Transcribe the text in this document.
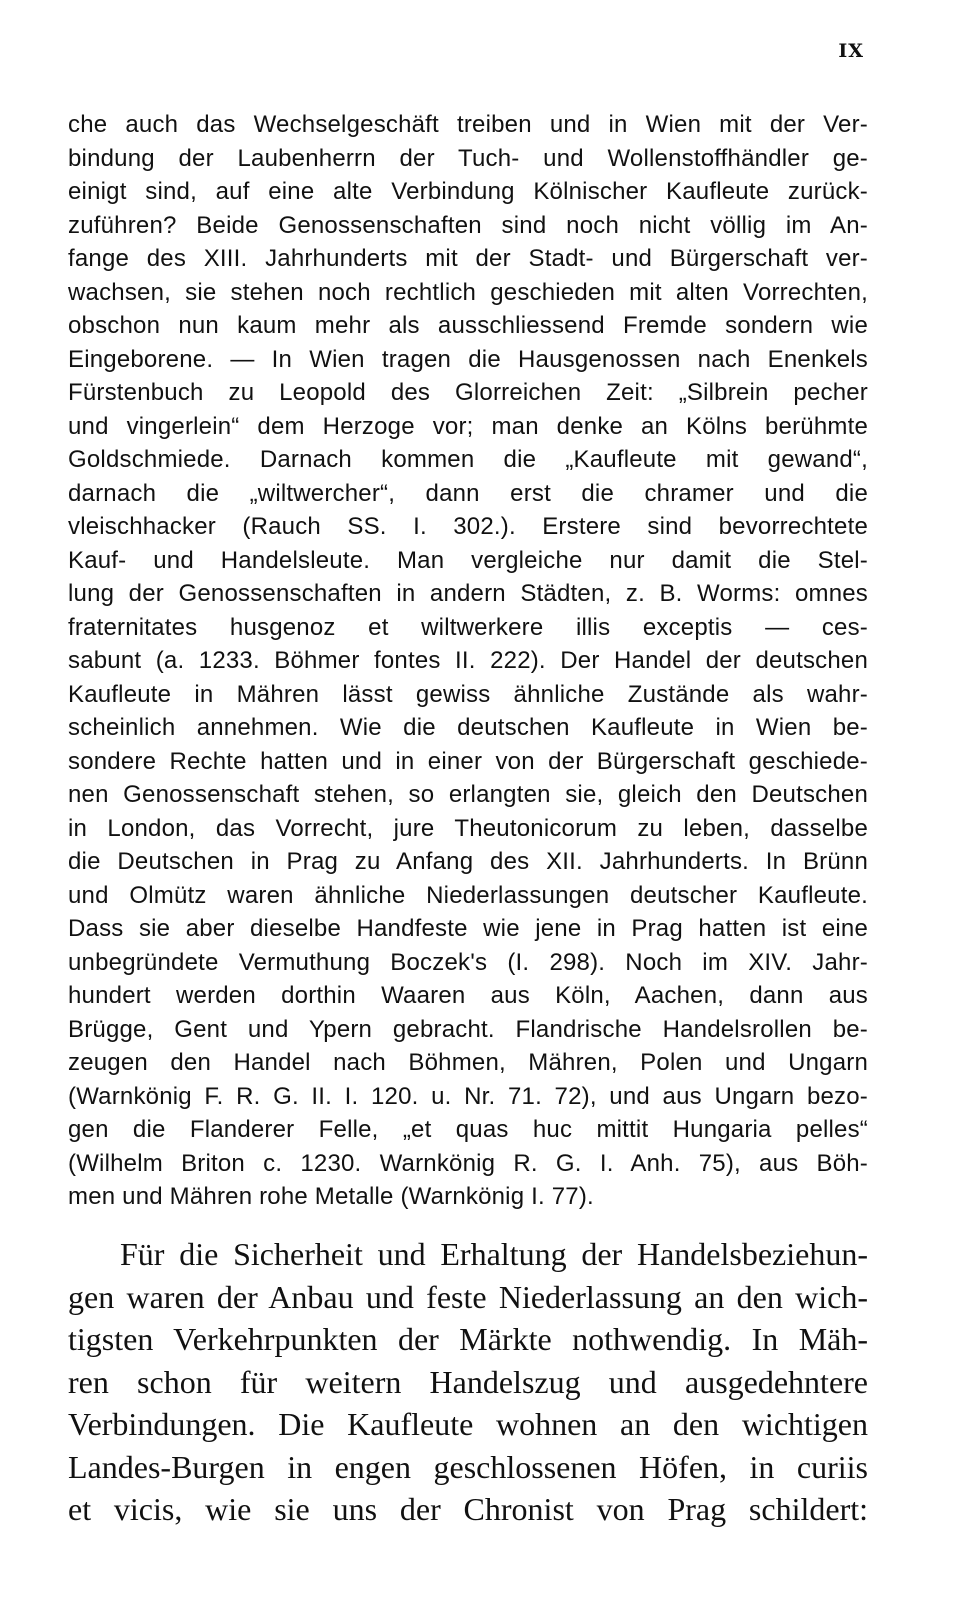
IX
che auch das Wechselgeschäft treiben und in Wien mit der Ver-
bindung der Laubenherrn der Tuch- und Wollenstoffhändler ge-
einigt sind, auf eine alte Verbindung Kölnischer Kaufleute zurück-
zuführen? Beide Genossenschaften sind noch nicht völlig im An-
fange des XIII. Jahrhunderts mit der Stadt- und Bürgerschaft ver-
wachsen, sie stehen noch rechtlich geschieden mit alten Vorrechten,
obschon nun kaum mehr als ausschliessend Fremde sondern wie
Eingeborene. — In Wien tragen die Hausgenossen nach Enenkels
Fürstenbuch zu Leopold des Glorreichen Zeit: „Silbrein pecher
und vingerlein“ dem Herzoge vor; man denke an Kölns berühmte
Goldschmiede. Darnach kommen die „Kaufleute mit gewand“,
darnach die „wiltwercher“, dann erst die chramer und die
vleischhacker (Rauch SS. I. 302.). Erstere sind bevorrechtete
Kauf- und Handelsleute. Man vergleiche nur damit die Stel-
lung der Genossenschaften in andern Städten, z. B. Worms: omnes
fraternitates husgenoz et wiltwerkere illis exceptis — ces-
sabunt (a. 1233. Böhmer fontes II. 222). Der Handel der deutschen
Kaufleute in Mähren lässt gewiss ähnliche Zustände als wahr-
scheinlich annehmen. Wie die deutschen Kaufleute in Wien be-
sondere Rechte hatten und in einer von der Bürgerschaft geschiede-
nen Genossenschaft stehen, so erlangten sie, gleich den Deutschen
in London, das Vorrecht, jure Theutonicorum zu leben, dasselbe
die Deutschen in Prag zu Anfang des XII. Jahrhunderts. In Brünn
und Olmütz waren ähnliche Niederlassungen deutscher Kaufleute.
Dass sie aber dieselbe Handfeste wie jene in Prag hatten ist eine
unbegründete Vermuthung Boczek's (I. 298). Noch im XIV. Jahr-
hundert werden dorthin Waaren aus Köln, Aachen, dann aus
Brügge, Gent und Ypern gebracht. Flandrische Handelsrollen be-
zeugen den Handel nach Böhmen, Mähren, Polen und Ungarn
(Warnkönig F. R. G. II. I. 120. u. Nr. 71. 72), und aus Ungarn bezo-
gen die Flanderer Felle, „et quas huc mittit Hungaria pelles“
(Wilhelm Briton c. 1230. Warnkönig R. G. I. Anh. 75), aus Böh-
men und Mähren rohe Metalle (Warnkönig I. 77).
Für die Sicherheit und Erhaltung der Handelsbeziehun-
gen waren der Anbau und feste Niederlassung an den wich-
tigsten Verkehrpunkten der Märkte nothwendig. In Mäh-
ren schon für weitern Handelszug und ausgedehntere
Verbindungen. Die Kaufleute wohnen an den wichtigen
Landes-Burgen in engen geschlossenen Höfen, in curiis
et vicis, wie sie uns der Chronist von Prag schildert:
